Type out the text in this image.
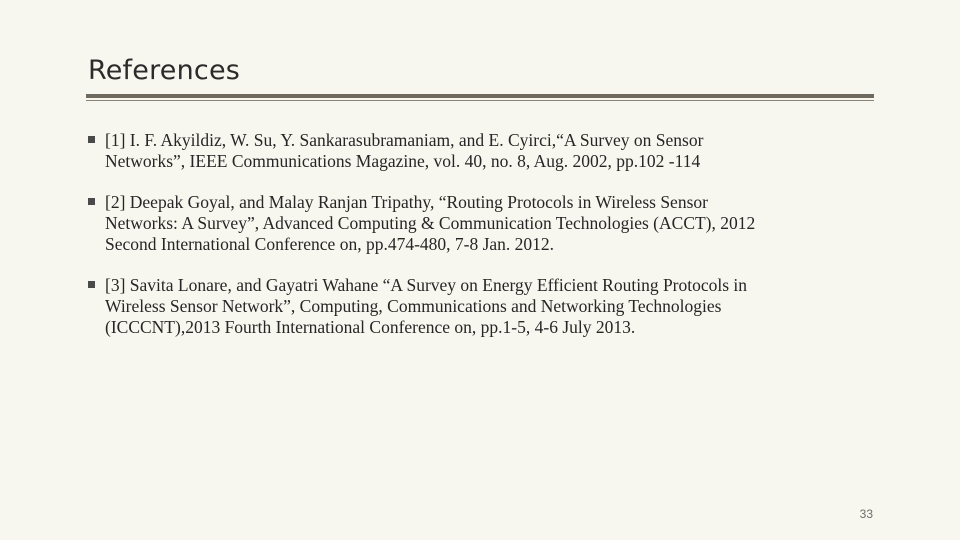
References
[1] I. F. Akyildiz, W. Su, Y. Sankarasubramaniam, and E. Cyirci,“A Survey on Sensor
Networks”, IEEE Communications Magazine, vol. 40, no. 8, Aug. 2002, pp.102 -114
[2] Deepak Goyal, and Malay Ranjan Tripathy, “Routing Protocols in Wireless Sensor
Networks: A Survey”, Advanced Computing & Communication Technologies (ACCT), 2012
Second International Conference on, pp.474-480, 7-8 Jan. 2012.
[3] Savita Lonare, and Gayatri Wahane “A Survey on Energy Efficient Routing Protocols in
Wireless Sensor Network”, Computing, Communications and Networking Technologies
(ICCCNT),2013 Fourth International Conference on, pp.1-5, 4-6 July 2013.
33
